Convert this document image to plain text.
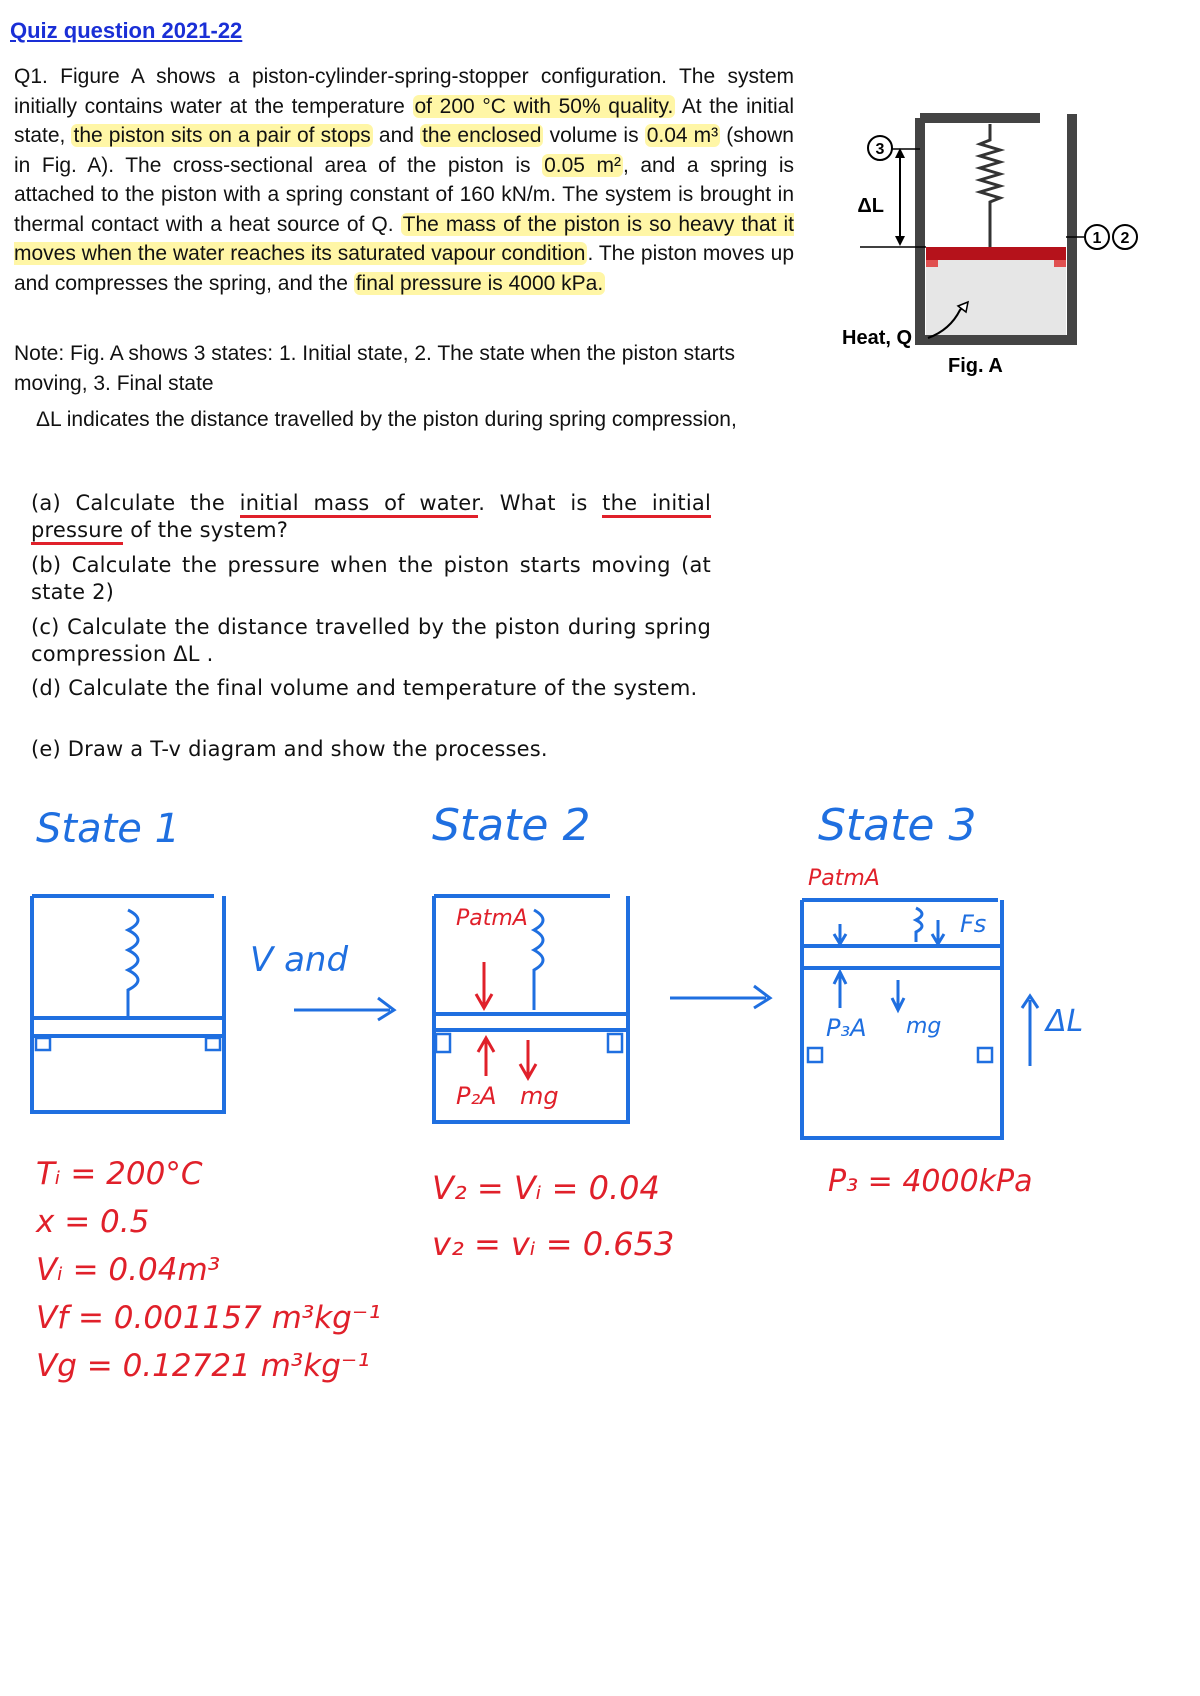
Quiz question 2021-22
Q1. Figure A shows a piston-cylinder-spring-stopper configuration. The system initially contains water at the temperature of 200 °C with 50% quality. At the initial state, the piston sits on a pair of stops and the enclosed volume is 0.04 m³ (shown in Fig. A). The cross-sectional area of the piston is 0.05 m², and a spring is attached to the piston with a spring constant of 160 kN/m. The system is brought in thermal contact with a heat source of Q. The mass of the piston is so heavy that it moves when the water reaches its saturated vapour condition. The piston moves up and compresses the spring, and the final pressure is 4000 kPa.
Note: Fig. A shows 3 states: 1. Initial state, 2. The state when the piston starts moving, 3. Final state
ΔL indicates the distance travelled by the piston during spring compression,
(a) Calculate the initial mass of water. What is the initial pressure of the system?
(b) Calculate the pressure when the piston starts moving (at state 2)
(c) Calculate the distance travelled by the piston during spring compression ΔL .
(d) Calculate the final volume and temperature of the system.
(e) Draw a T-v diagram and show the processes.
ΔL
3
1 2
Heat, Q
Fig. A
State 1
V and
Tᵢ = 200°C
x = 0.5
Vᵢ = 0.04m³
Vf = 0.001157 m³kg⁻¹
Vg = 0.12721 m³kg⁻¹
State 2
PatmA
P₂A mg
V₂ = Vᵢ = 0.04
v₂ = vᵢ = 0.653
State 3
PatmA
Fs
P₃A mg	ΔL
P₃ = 4000kPa
